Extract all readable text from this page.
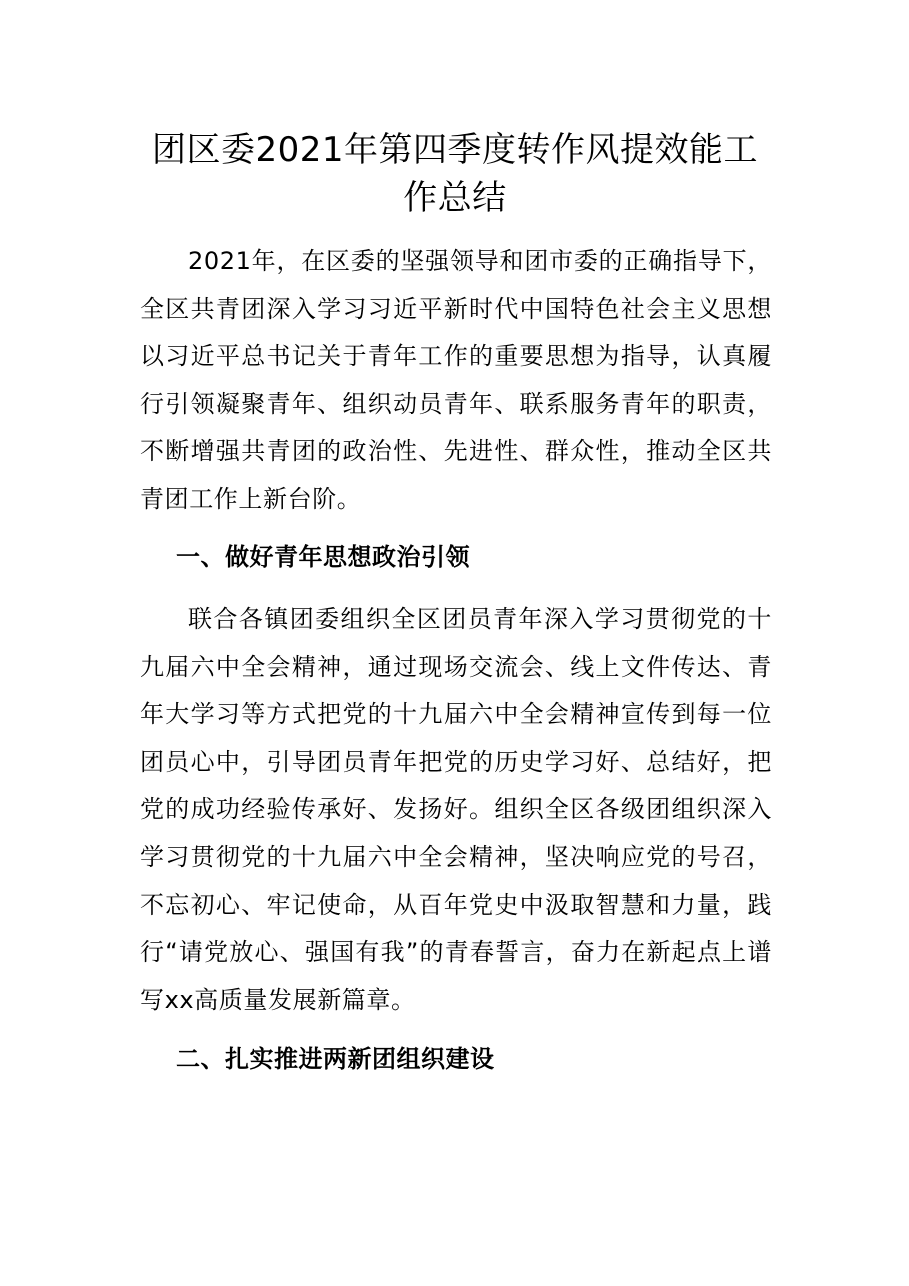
团区委2021年第四季度转作风提效能工作总结

2021年，在区委的坚强领导和团市委的正确指导下，全区共青团深入学习习近平新时代中国特色社会主义思想以习近平总书记关于青年工作的重要思想为指导，认真履行引领凝聚青年、组织动员青年、联系服务青年的职责，不断增强共青团的政治性、先进性、群众性，推动全区共青团工作上新台阶。

一、做好青年思想政治引领

联合各镇团委组织全区团员青年深入学习贯彻党的十九届六中全会精神，通过现场交流会、线上文件传达、青年大学习等方式把党的十九届六中全会精神宣传到每一位团员心中，引导团员青年把党的历史学习好、总结好，把党的成功经验传承好、发扬好。组织全区各级团组织深入学习贯彻党的十九届六中全会精神，坚决响应党的号召，不忘初心、牢记使命，从百年党史中汲取智慧和力量，践行“请党放心、强国有我”的青春誓言，奋力在新起点上谱写xx高质量发展新篇章。

二、扎实推进两新团组织建设
